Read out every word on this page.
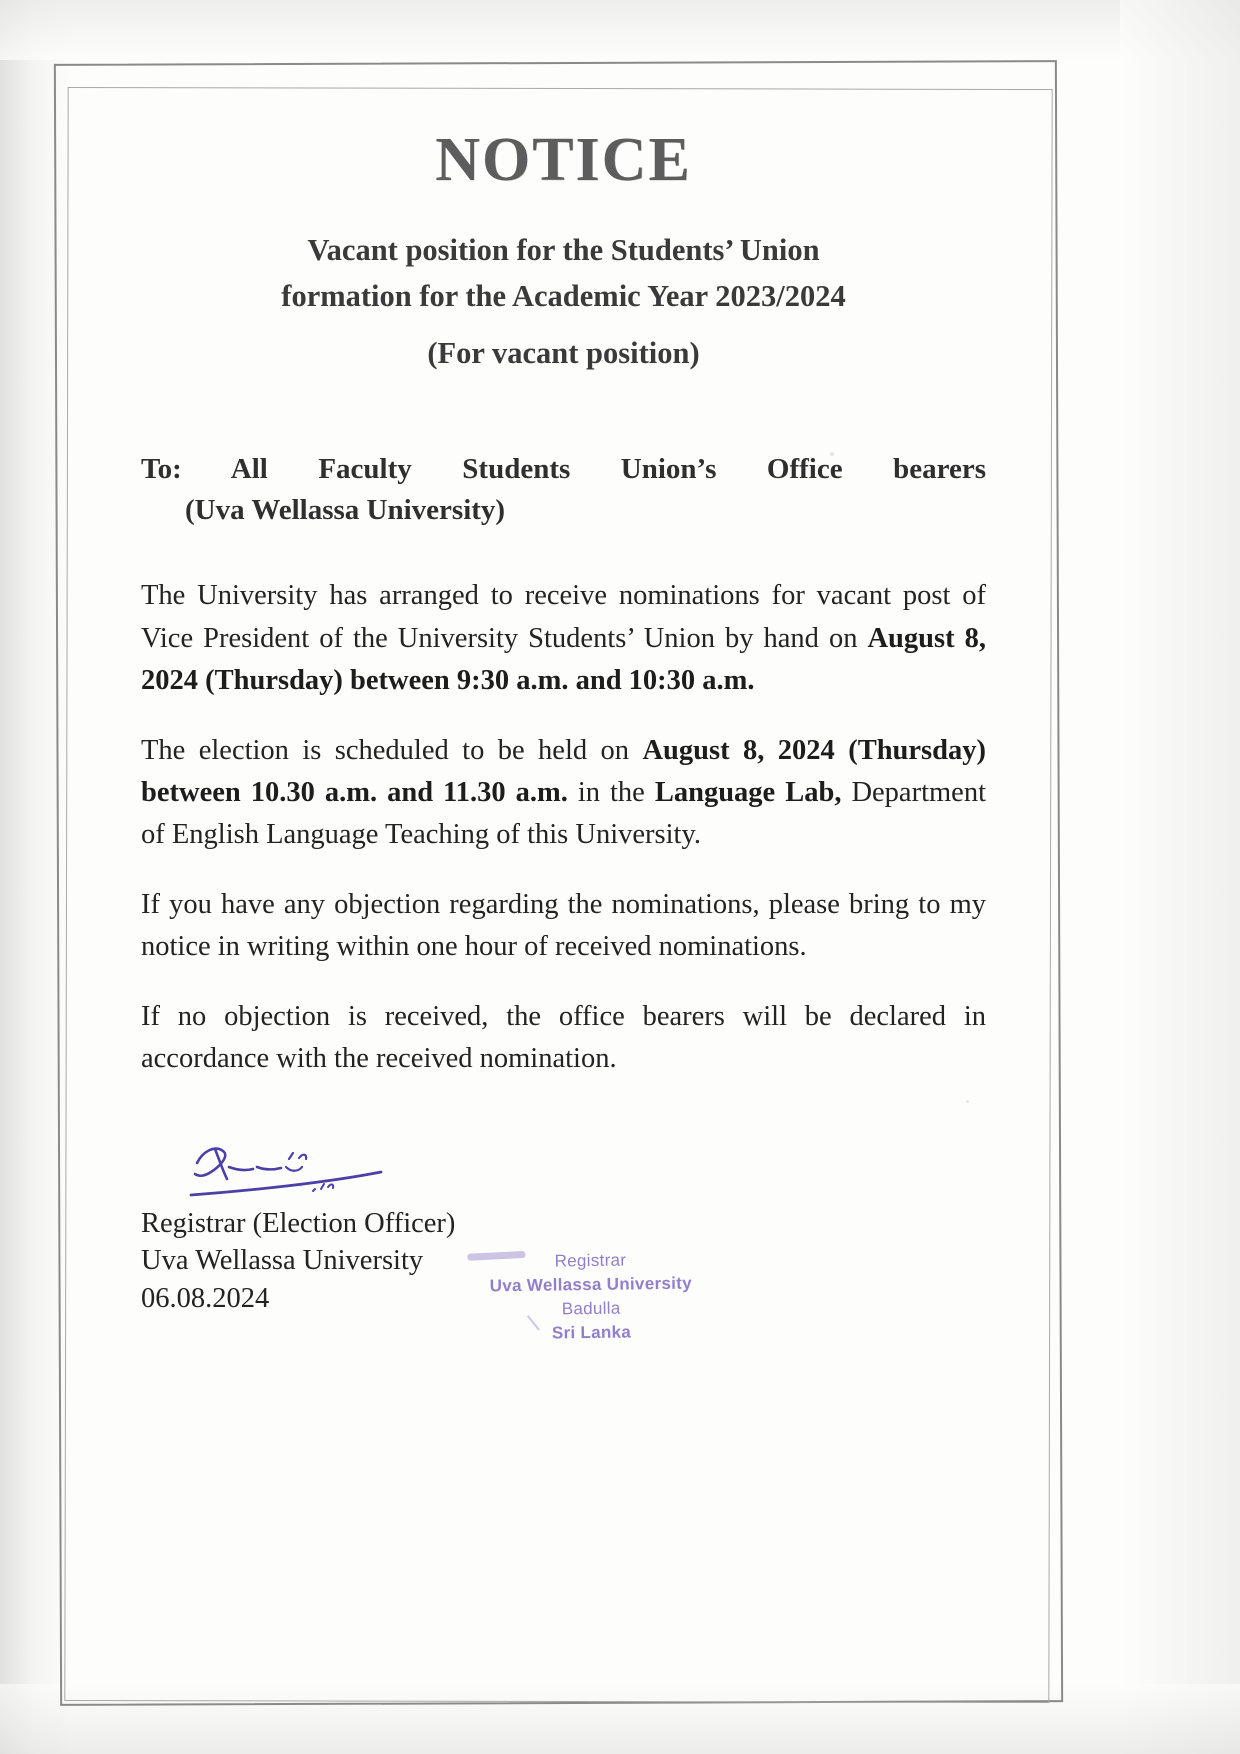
NOTICE
Vacant position for the Students’ Union
formation for the Academic Year 2023/2024

(For vacant position)

To: All Faculty Students Union’s Office bearers

(Uva Wellassa University)

The University has arranged to receive nominations for vacant post of Vice President of the University Students’ Union by hand on August 8, 2024 (Thursday) between 9:30 a.m. and 10:30 a.m.

The election is scheduled to be held on August 8, 2024 (Thursday) between 10.30 a.m. and 11.30 a.m. in the Language Lab, Department of English Language Teaching of this University.

If you have any objection regarding the nominations, please bring to my notice in writing within one hour of received nominations.

If no objection is received, the office bearers will be declared in accordance with the received nomination.

Registrar (Election Officer)
Uva Wellassa University
06.08.2024
Registrar
Uva Wellassa University
Badulla
Sri Lanka
